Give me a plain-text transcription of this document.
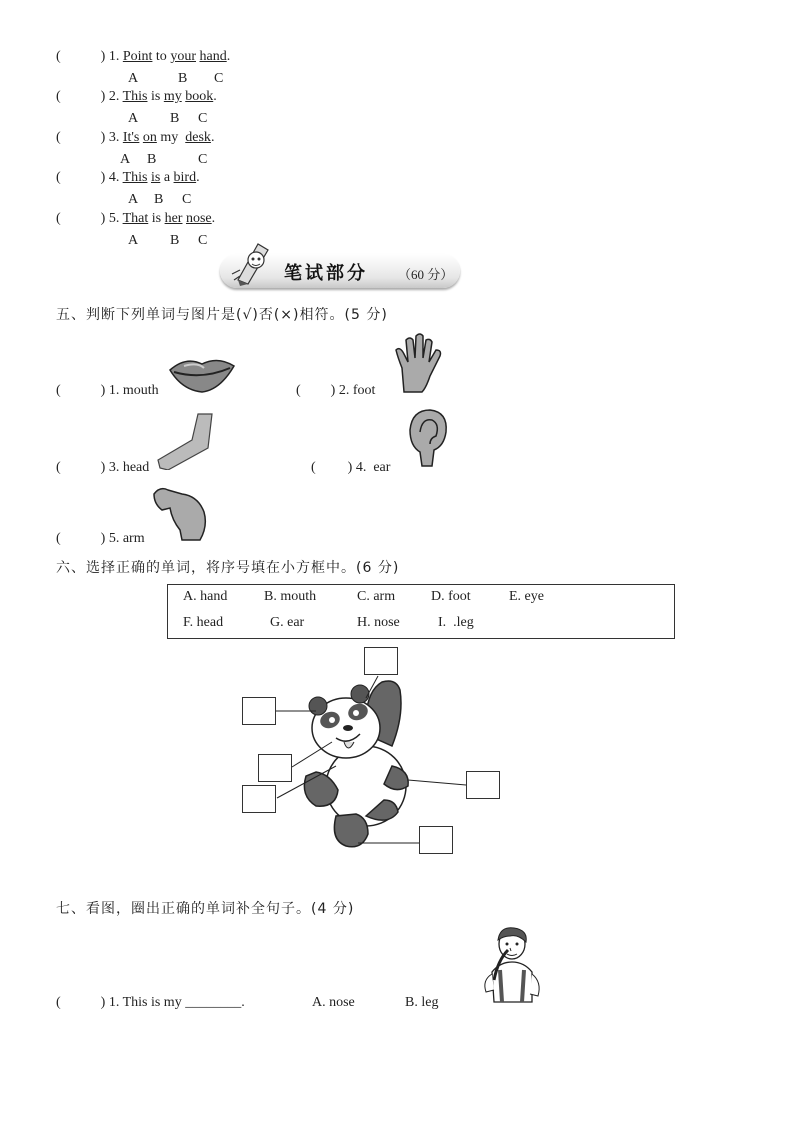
(	) 1. Point to your hand.
A	B C
(	) 2. This is my book.
A B C
(	) 3. It's on my  desk.
A B	C
(	) 4. This is a bird.
A B C
(	) 5. That is her nose.
A B C
笔试部分 （60 分）
五、判断下列单词与图片是(√)否(×)相符。(5 分)
(	) 1. mouth	( ) 2. foot
(	) 3. head	( ) 4.  ear
(	) 5. arm
六、选择正确的单词，将序号填在小方框中。(6 分)
A. hand	B. mouth	C. arm	D. foot	E. eye
F. head	G. ear	H. nose	I.  .leg
七、看图，圈出正确的单词补全句子。(4 分)
(	) 1. This is my ________.	A. nose	B. leg
